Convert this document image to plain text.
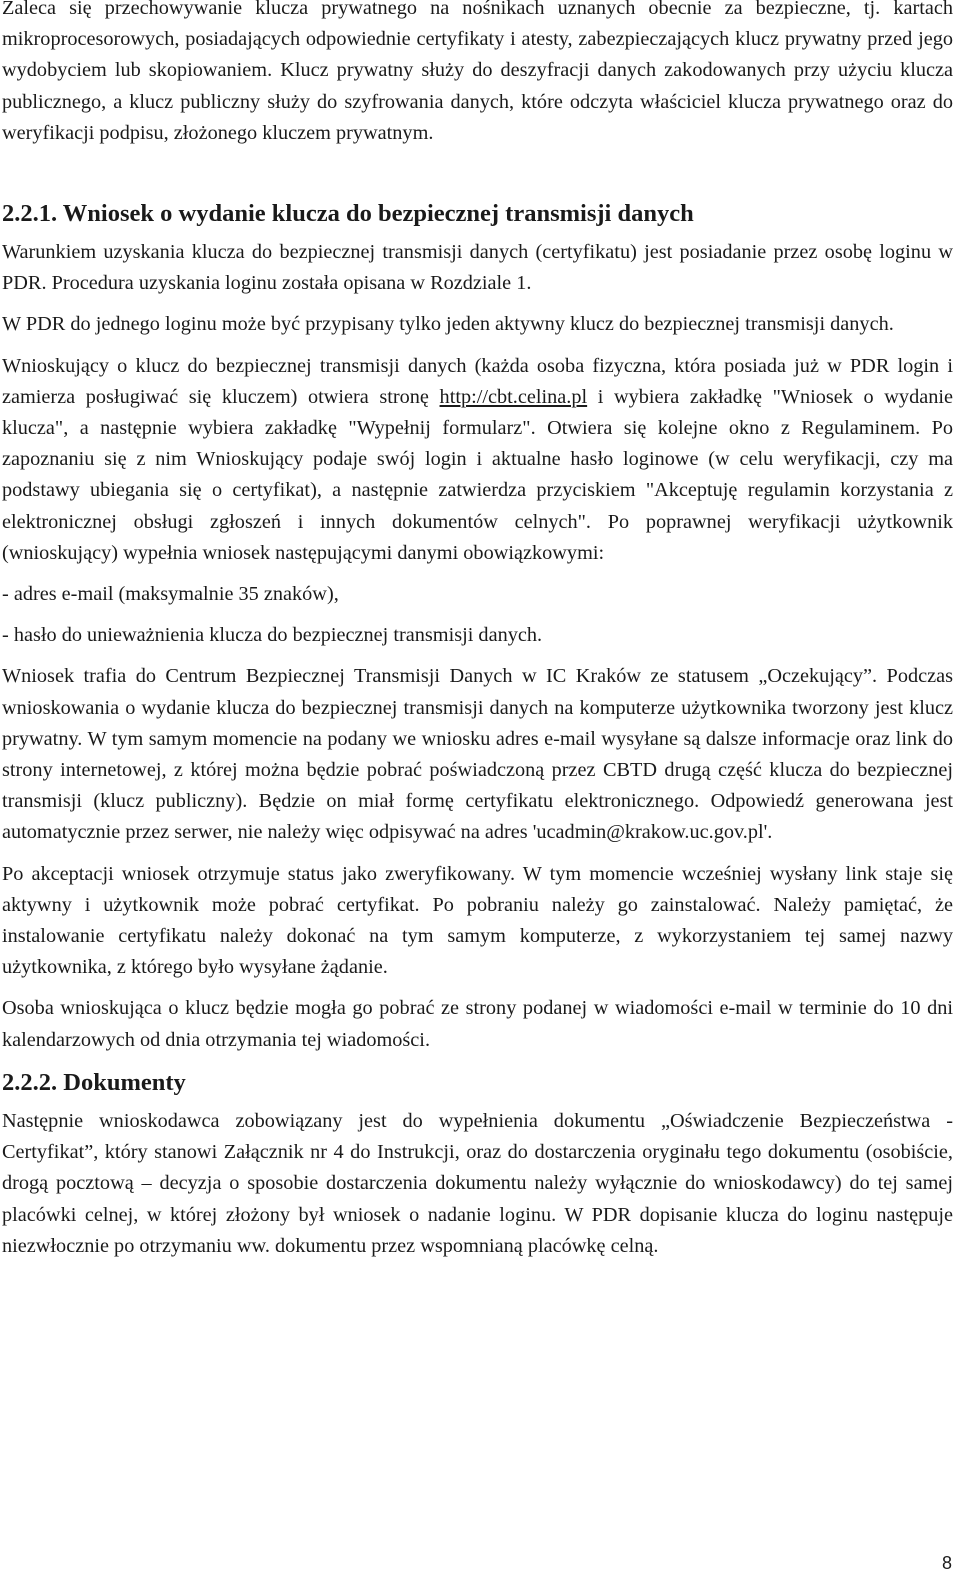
Zaleca się przechowywanie klucza prywatnego na nośnikach uznanych obecnie za bezpieczne, tj. kartach mikroprocesorowych, posiadających odpowiednie certyfikaty i atesty, zabezpieczających klucz prywatny przed jego wydobyciem lub skopiowaniem. Klucz prywatny służy do deszyfracji danych zakodowanych przy użyciu klucza publicznego, a klucz publiczny służy do szyfrowania danych, które odczyta właściciel klucza prywatnego oraz do weryfikacji podpisu, złożonego kluczem prywatnym.

2.2.1. Wniosek o wydanie klucza do bezpiecznej transmisji danych

Warunkiem uzyskania klucza do bezpiecznej transmisji danych (certyfikatu) jest posiadanie przez osobę loginu w PDR. Procedura uzyskania loginu została opisana w Rozdziale 1.

W PDR do jednego loginu może być przypisany tylko jeden aktywny klucz do bezpiecznej transmisji danych.

Wnioskujący o klucz do bezpiecznej transmisji danych (każda osoba fizyczna, która posiada już w PDR login i zamierza posługiwać się kluczem) otwiera stronę http://cbt.celina.pl i wybiera zakładkę "Wniosek o wydanie klucza", a następnie wybiera zakładkę "Wypełnij formularz". Otwiera się kolejne okno z Regulaminem. Po zapoznaniu się z nim Wnioskujący podaje swój login i aktualne hasło loginowe (w celu weryfikacji, czy ma podstawy ubiegania się o certyfikat), a następnie zatwierdza przyciskiem "Akceptuję regulamin korzystania z elektronicznej obsługi zgłoszeń i innych dokumentów celnych". Po poprawnej weryfikacji użytkownik (wnioskujący) wypełnia wniosek następującymi danymi obowiązkowymi:

- adres e-mail (maksymalnie 35 znaków),

- hasło do unieważnienia klucza do bezpiecznej transmisji danych.

Wniosek trafia do Centrum Bezpiecznej Transmisji Danych w IC Kraków ze statusem „Oczekujący”. Podczas wnioskowania o wydanie klucza do bezpiecznej transmisji danych na komputerze użytkownika tworzony jest klucz prywatny. W tym samym momencie na podany we wniosku adres e-mail wysyłane są dalsze informacje oraz link do strony internetowej, z której można będzie pobrać poświadczoną przez CBTD drugą część klucza do bezpiecznej transmisji (klucz publiczny). Będzie on miał formę certyfikatu elektronicznego. Odpowiedź generowana jest automatycznie przez serwer, nie należy więc odpisywać na adres 'ucadmin@krakow.uc.gov.pl'.

Po akceptacji wniosek otrzymuje status jako zweryfikowany. W tym momencie wcześniej wysłany link staje się aktywny i użytkownik może pobrać certyfikat. Po pobraniu należy go zainstalować. Należy pamiętać, że instalowanie certyfikatu należy dokonać na tym samym komputerze, z wykorzystaniem tej samej nazwy użytkownika, z którego było wysyłane żądanie.

Osoba wnioskująca o klucz będzie mogła go pobrać ze strony podanej w wiadomości e-mail w terminie do 10 dni kalendarzowych od dnia otrzymania tej wiadomości.

2.2.2. Dokumenty

Następnie wnioskodawca zobowiązany jest do wypełnienia dokumentu „Oświadczenie Bezpieczeństwa - Certyfikat”, który stanowi Załącznik nr 4 do Instrukcji, oraz do dostarczenia oryginału tego dokumentu (osobiście, drogą pocztową – decyzja o sposobie dostarczenia dokumentu należy wyłącznie do wnioskodawcy) do tej samej placówki celnej, w której złożony był wniosek o nadanie loginu. W PDR dopisanie klucza do loginu następuje niezwłocznie po otrzymaniu ww. dokumentu przez wspomnianą placówkę celną.

8
